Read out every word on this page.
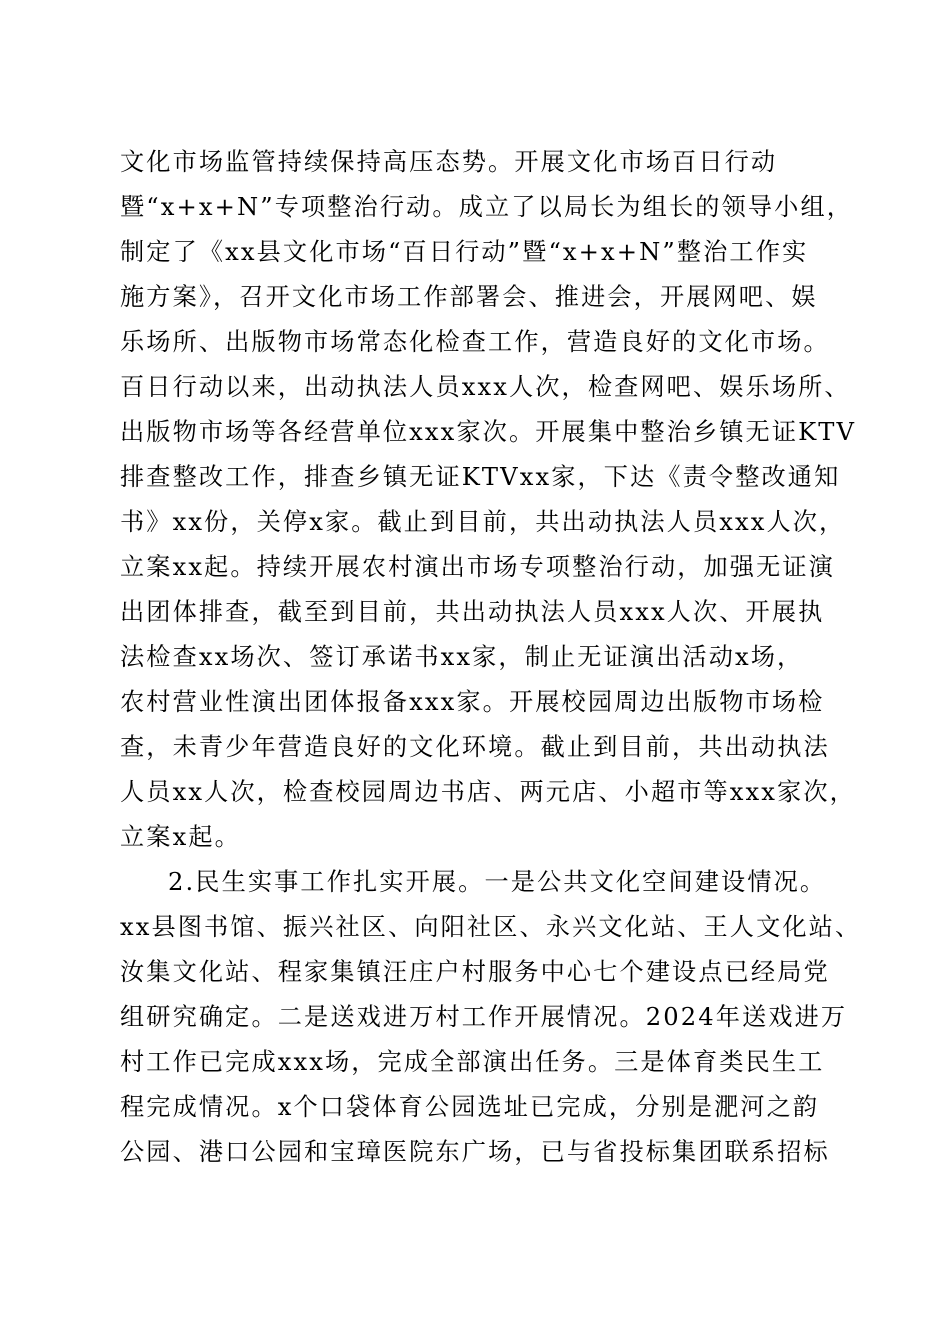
文化市场监管持续保持高压态势。开展文化市场百日行动
暨“x+x+N”专项整治行动。成立了以局长为组长的领导小组，
制定了《xx县文化市场“百日行动”暨“x+x+N”整治工作实
施方案》，召开文化市场工作部署会、推进会，开展网吧、娱
乐场所、出版物市场常态化检查工作，营造良好的文化市场。
百日行动以来，出动执法人员xxx人次，检查网吧、娱乐场所、
出版物市场等各经营单位xxx家次。开展集中整治乡镇无证KTV
排查整改工作，排查乡镇无证KTVxx家，下达《责令整改通知
书》xx份，关停x家。截止到目前，共出动执法人员xxx人次，
立案xx起。持续开展农村演出市场专项整治行动，加强无证演
出团体排查，截至到目前，共出动执法人员xxx人次、开展执
法检查xx场次、签订承诺书xx家，制止无证演出活动x场，
农村营业性演出团体报备xxx家。开展校园周边出版物市场检
查，未青少年营造良好的文化环境。截止到目前，共出动执法
人员xx人次，检查校园周边书店、两元店、小超市等xxx家次，
立案x起。
2.民生实事工作扎实开展。一是公共文化空间建设情况。
xx县图书馆、振兴社区、向阳社区、永兴文化站、王人文化站、
汝集文化站、程家集镇汪庄户村服务中心七个建设点已经局党
组研究确定。二是送戏进万村工作开展情况。2024年送戏进万
村工作已完成xxx场，完成全部演出任务。三是体育类民生工
程完成情况。x个口袋体育公园选址已完成，分别是淝河之韵
公园、港口公园和宝璋医院东广场，已与省投标集团联系招标
